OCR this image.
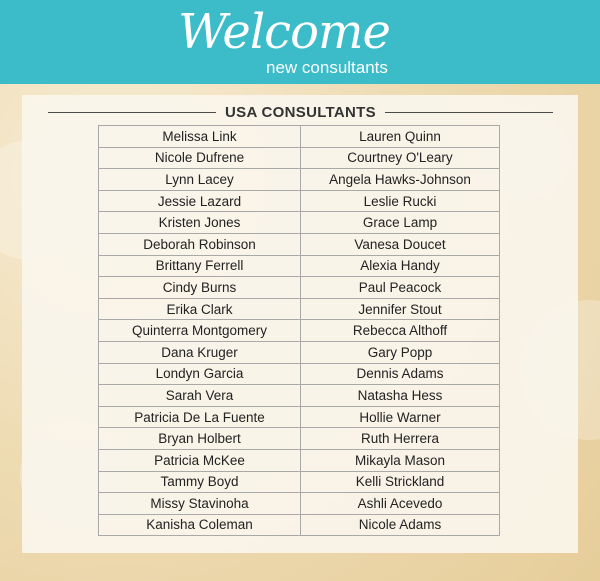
Welcome
new consultants
USA CONSULTANTS
Melissa Link	Lauren Quinn
Nicole Dufrene	Courtney O'Leary
Lynn Lacey	Angela Hawks-Johnson
Jessie Lazard	Leslie Rucki
Kristen Jones	Grace Lamp
Deborah Robinson	Vanesa Doucet
Brittany Ferrell	Alexia Handy
Cindy Burns	Paul Peacock
Erika Clark	Jennifer Stout
Quinterra Montgomery	Rebecca Althoff
Dana Kruger	Gary Popp
Londyn Garcia	Dennis Adams
Sarah Vera	Natasha Hess
Patricia De La Fuente	Hollie Warner
Bryan Holbert	Ruth Herrera
Patricia McKee	Mikayla Mason
Tammy Boyd	Kelli Strickland
Missy Stavinoha	Ashli Acevedo
Kanisha Coleman	Nicole Adams
